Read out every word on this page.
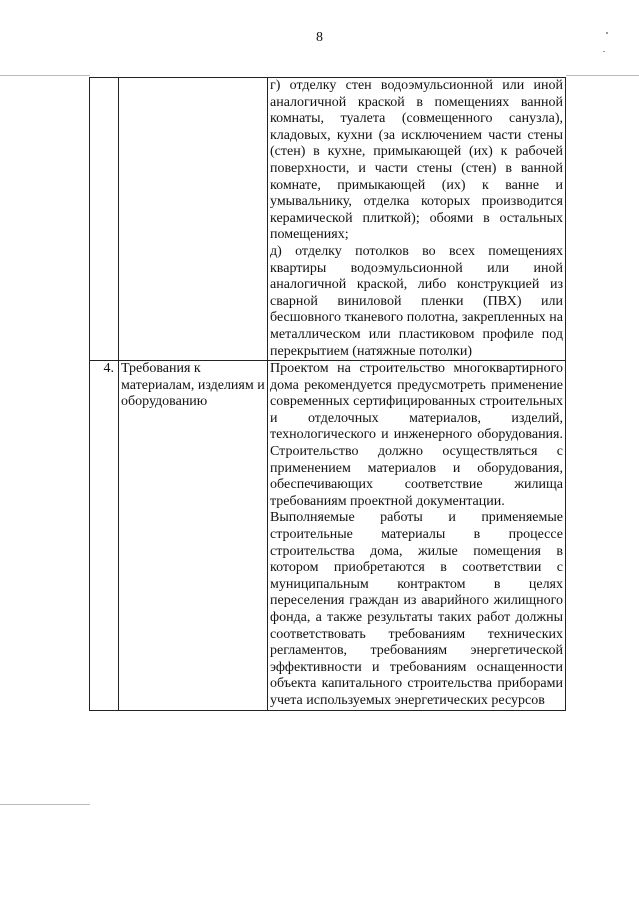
8

		г) отделку стен водоэмульсионной или иной аналогичной краской в помещениях ванной комнаты, туалета (совмещенного санузла), кладовых, кухни (за исключением части стены (стен) в кухне, примыкающей (их) к рабочей поверхности, и части стены (стен) в ванной комнате, примыкающей (их) к ванне и умывальнику, отделка которых производится керамической плиткой); обоями в остальных помещениях;
д) отделку потолков во всех помещениях квартиры водоэмульсионной или иной аналогичной краской, либо конструкцией из сварной виниловой пленки (ПВХ) или бесшовного тканевого полотна, закрепленных на металлическом или пластиковом профиле под перекрытием (натяжные потолки)

4.	Требования к материалам, изделиям и оборудованию	Проектом на строительство многоквартирного дома рекомендуется предусмотреть применение современных сертифицированных строительных и отделочных материалов, изделий, технологического и инженерного оборудования. Строительство должно осуществляться с применением материалов и оборудования, обеспечивающих соответствие жилища требованиям проектной документации.
Выполняемые работы и применяемые строительные материалы в процессе строительства дома, жилые помещения в котором приобретаются в соответствии с муниципальным контрактом в целях переселения граждан из аварийного жилищного фонда, а также результаты таких работ должны соответствовать требованиям технических регламентов, требованиям энергетической эффективности и требованиям оснащенности объекта капитального строительства приборами учета используемых энергетических ресурсов
